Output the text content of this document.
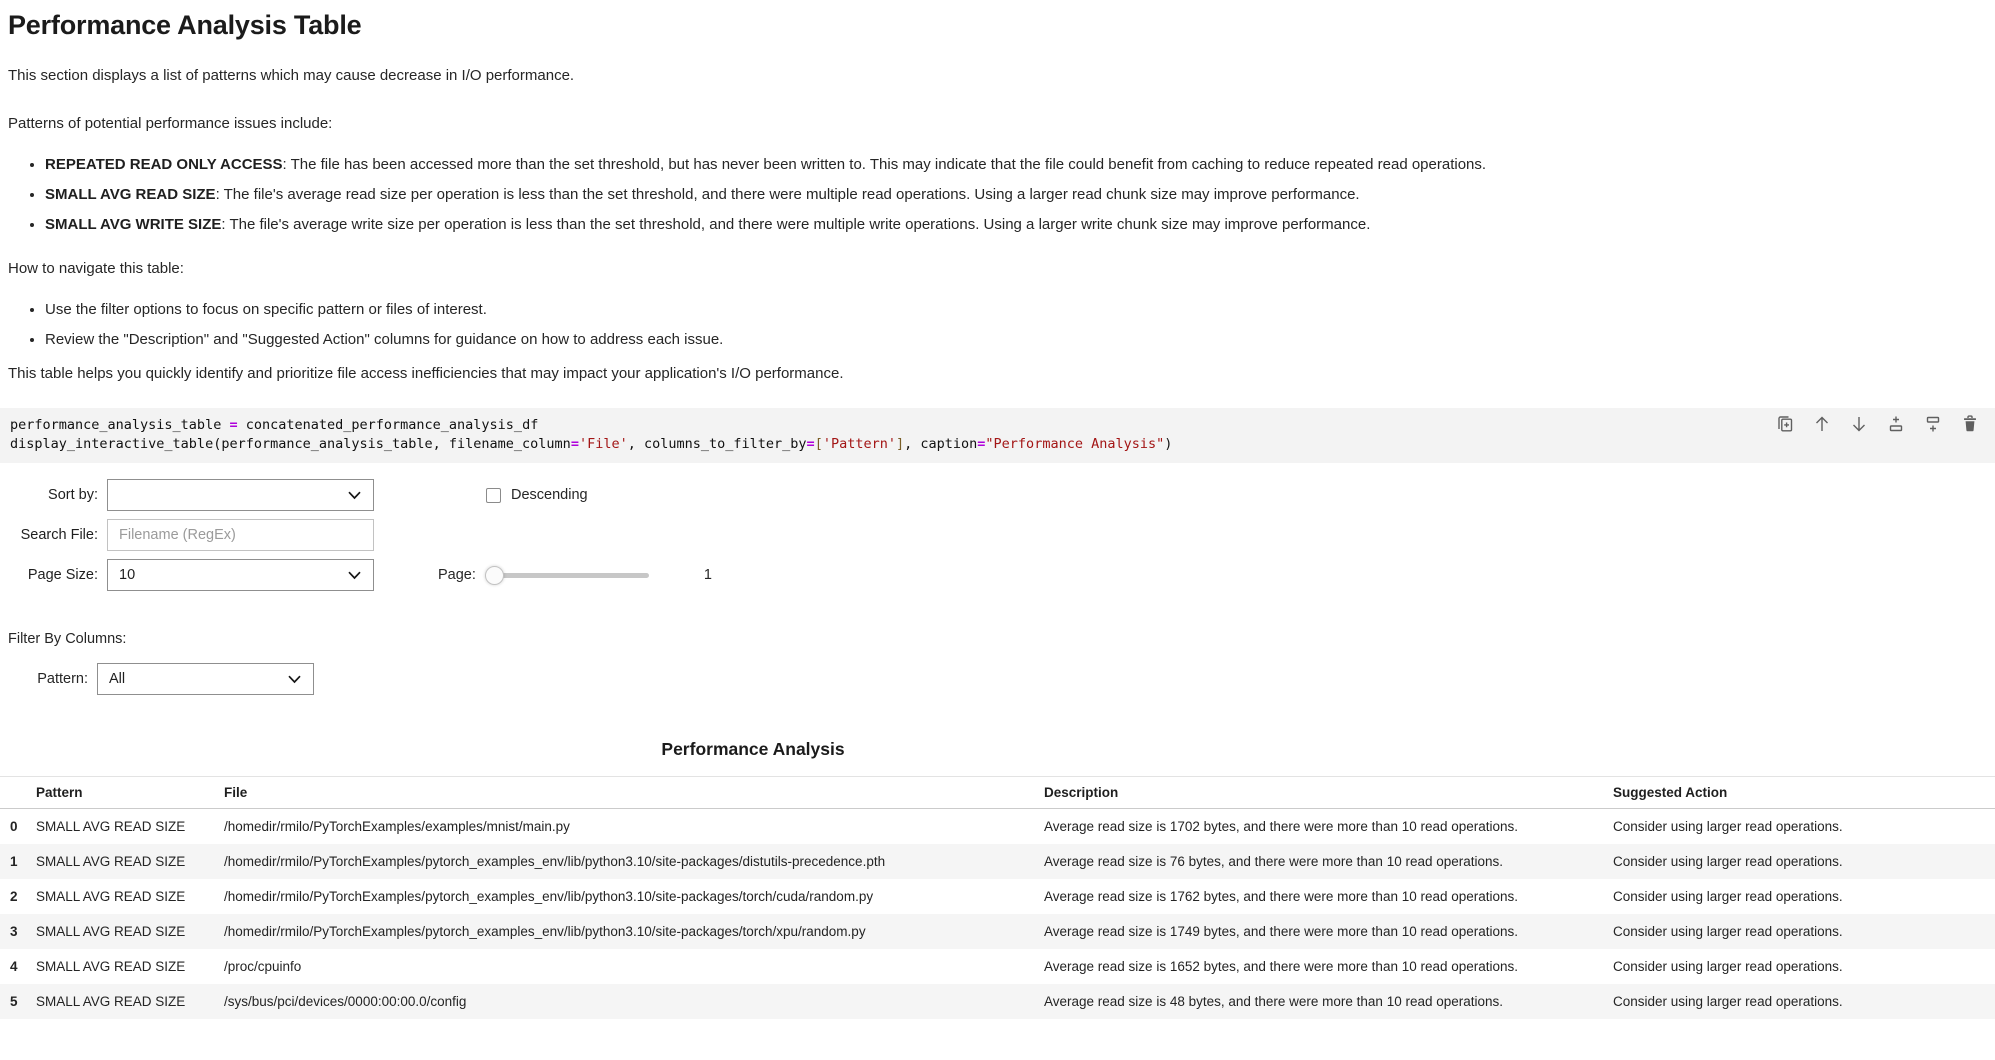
Performance Analysis Table

This section displays a list of patterns which may cause decrease in I/O performance.

Patterns of potential performance issues include:

• REPEATED READ ONLY ACCESS: The file has been accessed more than the set threshold, but has never been written to. This may indicate that the file could benefit from caching to reduce repeated read operations.
• SMALL AVG READ SIZE: The file's average read size per operation is less than the set threshold, and there were multiple read operations. Using a larger read chunk size may improve performance.
• SMALL AVG WRITE SIZE: The file's average write size per operation is less than the set threshold, and there were multiple write operations. Using a larger write chunk size may improve performance.

How to navigate this table:

• Use the filter options to focus on specific pattern or files of interest.
• Review the "Description" and "Suggested Action" columns for guidance on how to address each issue.

This table helps you quickly identify and prioritize file access inefficiencies that may impact your application's I/O performance.

performance_analysis_table = concatenated_performance_analysis_df
display_interactive_table(performance_analysis_table, filename_column='File', columns_to_filter_by=['Pattern'], caption="Performance Analysis")
Sort by:	Descending
Search File:
Filename (RegEx)
Page Size:	10	Page:	1
Filter By Columns:
Pattern:	All
Performance Analysis
	Pattern	File	Description	Suggested Action
0	SMALL AVG READ SIZE	/homedir/rmilo/PyTorchExamples/examples/mnist/main.py	Average read size is 1702 bytes, and there were more than 10 read operations.	Consider using larger read operations.
1	SMALL AVG READ SIZE	/homedir/rmilo/PyTorchExamples/pytorch_examples_env/lib/python3.10/site-packages/distutils-precedence.pth	Average read size is 76 bytes, and there were more than 10 read operations.	Consider using larger read operations.
2	SMALL AVG READ SIZE	/homedir/rmilo/PyTorchExamples/pytorch_examples_env/lib/python3.10/site-packages/torch/cuda/random.py	Average read size is 1762 bytes, and there were more than 10 read operations.	Consider using larger read operations.
3	SMALL AVG READ SIZE	/homedir/rmilo/PyTorchExamples/pytorch_examples_env/lib/python3.10/site-packages/torch/xpu/random.py	Average read size is 1749 bytes, and there were more than 10 read operations.	Consider using larger read operations.
4	SMALL AVG READ SIZE	/proc/cpuinfo	Average read size is 1652 bytes, and there were more than 10 read operations.	Consider using larger read operations.
5	SMALL AVG READ SIZE	/sys/bus/pci/devices/0000:00:00.0/config	Average read size is 48 bytes, and there were more than 10 read operations.	Consider using larger read operations.
